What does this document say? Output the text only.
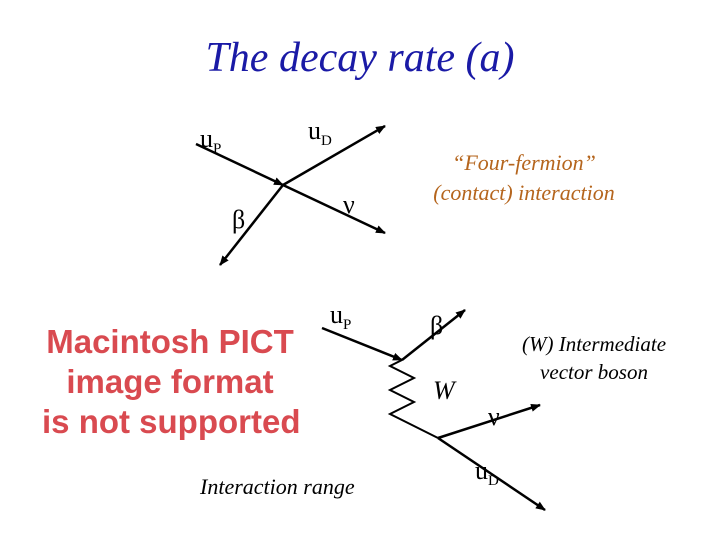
The decay rate (a)
$u_P$
$u_D$
β
ν
“Four-fermion”
(contact) interaction
Macintosh PICT
image format
is not supported
$u_P$	β
W
ν
$u_D$
(W) Intermediate
vector boson
Interaction range
